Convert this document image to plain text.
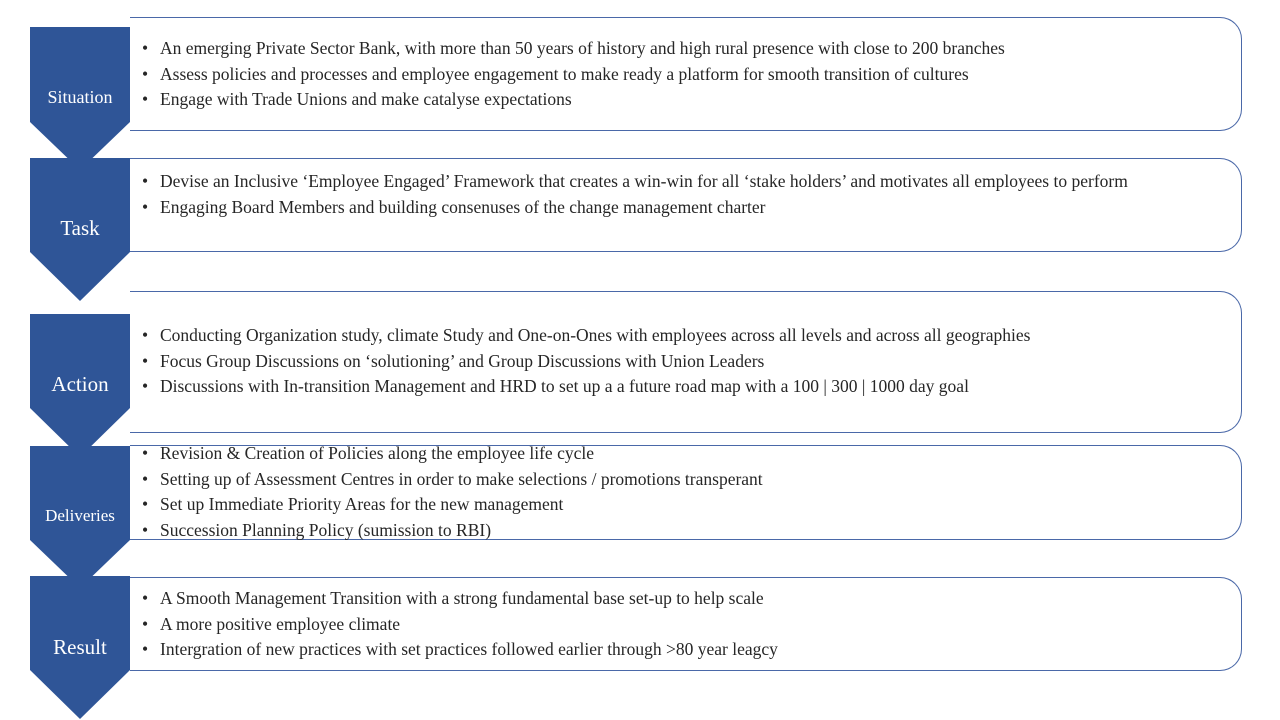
Situation
Task
Action
Deliveries
Result
• An emerging Private Sector Bank, with more than 50 years of history and high rural presence with close to 200 branches
• Assess policies and processes and employee engagement to make ready a platform for smooth transition of cultures
• Engage with Trade Unions and make catalyse expectations
• Devise an Inclusive ‘Employee Engaged’ Framework that creates a win-win for all ‘stake holders’ and motivates all employees to perform
• Engaging Board Members and building consenuses of the change management charter
• Conducting Organization study, climate Study and One-on-Ones with employees across all levels and across all geographies
• Focus Group Discussions on ‘solutioning’ and Group Discussions with Union Leaders
• Discussions with In-transition Management and HRD to set up a a future road map with a 100 | 300 | 1000 day goal
• Revision & Creation of Policies along the employee life cycle
• Setting up of Assessment Centres in order to make selections / promotions transperant
• Set up Immediate Priority Areas for the new management
• Succession Planning Policy (sumission to RBI)
• A Smooth Management Transition with a strong fundamental base set-up to help scale
• A more positive employee climate
• Intergration of new practices with set practices followed earlier through >80 year leagcy
